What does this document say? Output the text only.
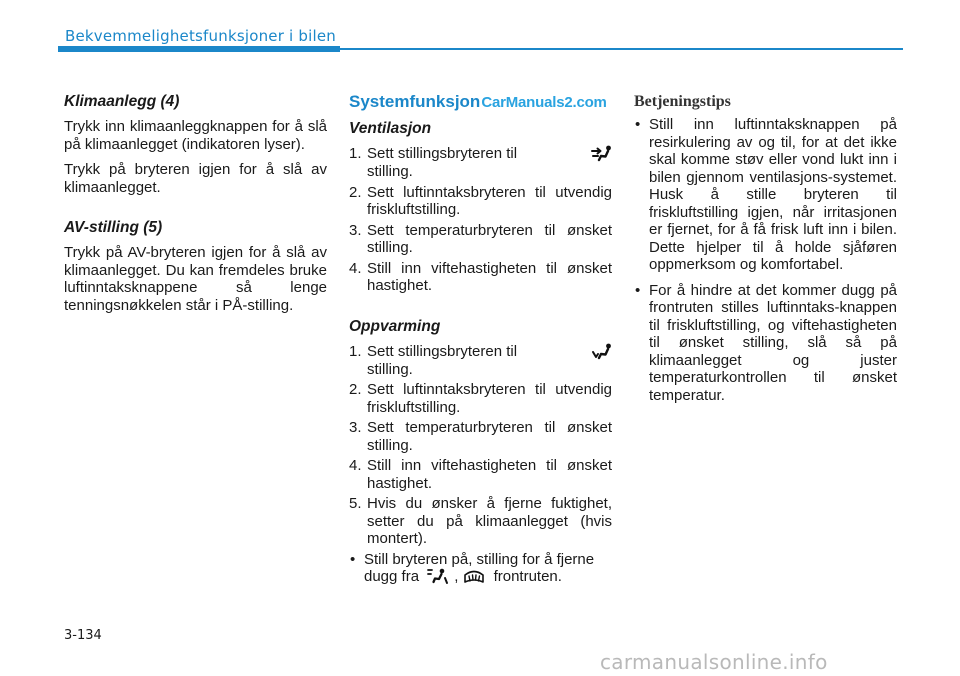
Bekvemmelighetsfunksjoner i bilen
Klimaanlegg (4)

Trykk inn klimaanleggknappen for å slå på klimaanlegget (indikatoren lyser).

Trykk på bryteren igjen for å slå av klimaanlegget.

AV-stilling (5)

Trykk på AV-bryteren igjen for å slå av klimaanlegget. Du kan fremdeles bruke luftinntaksknappene så lenge tenningsnøkkelen står i PÅ-stilling.

SystemfunksjonCarManuals2.com
Ventilasjon
1. Sett stillingsbryteren til
stilling.
2. Sett luftinntaksbryteren til utvendig friskluftstilling.
3. Sett temperaturbryteren til ønsket stilling.
4. Still inn viftehastigheten til ønsket hastighet.
Oppvarming
1. Sett stillingsbryteren til
stilling.
2. Sett luftinntaksbryteren til utvendig friskluftstilling.
3. Sett temperaturbryteren til ønsket stilling.
4. Still inn viftehastigheten til ønsket hastighet.
5. Hvis du ønsker å fjerne fuktighet, setter du på klimaanlegget (hvis montert).
• Still bryteren på, stilling for å fjerne dugg fra , frontruten.
Betjeningstips
• Still inn luftinntaksknappen på resirkulering av og til, for at det ikke skal komme støv eller vond lukt inn i bilen gjennom ventilasjons-systemet. Husk å stille bryteren til friskluftstilling igjen, når irritasjonen er fjernet, for å få frisk luft inn i bilen. Dette hjelper til å holde sjåføren oppmerksom og komfortabel.
• For å hindre at det kommer dugg på frontruten stilles luftinntaks-knappen til friskluftstilling, og viftehastigheten til ønsket stilling, slå så på klimaanlegget og juster temperaturkontrollen til ønsket temperatur.
3-134
carmanualsonline.info
